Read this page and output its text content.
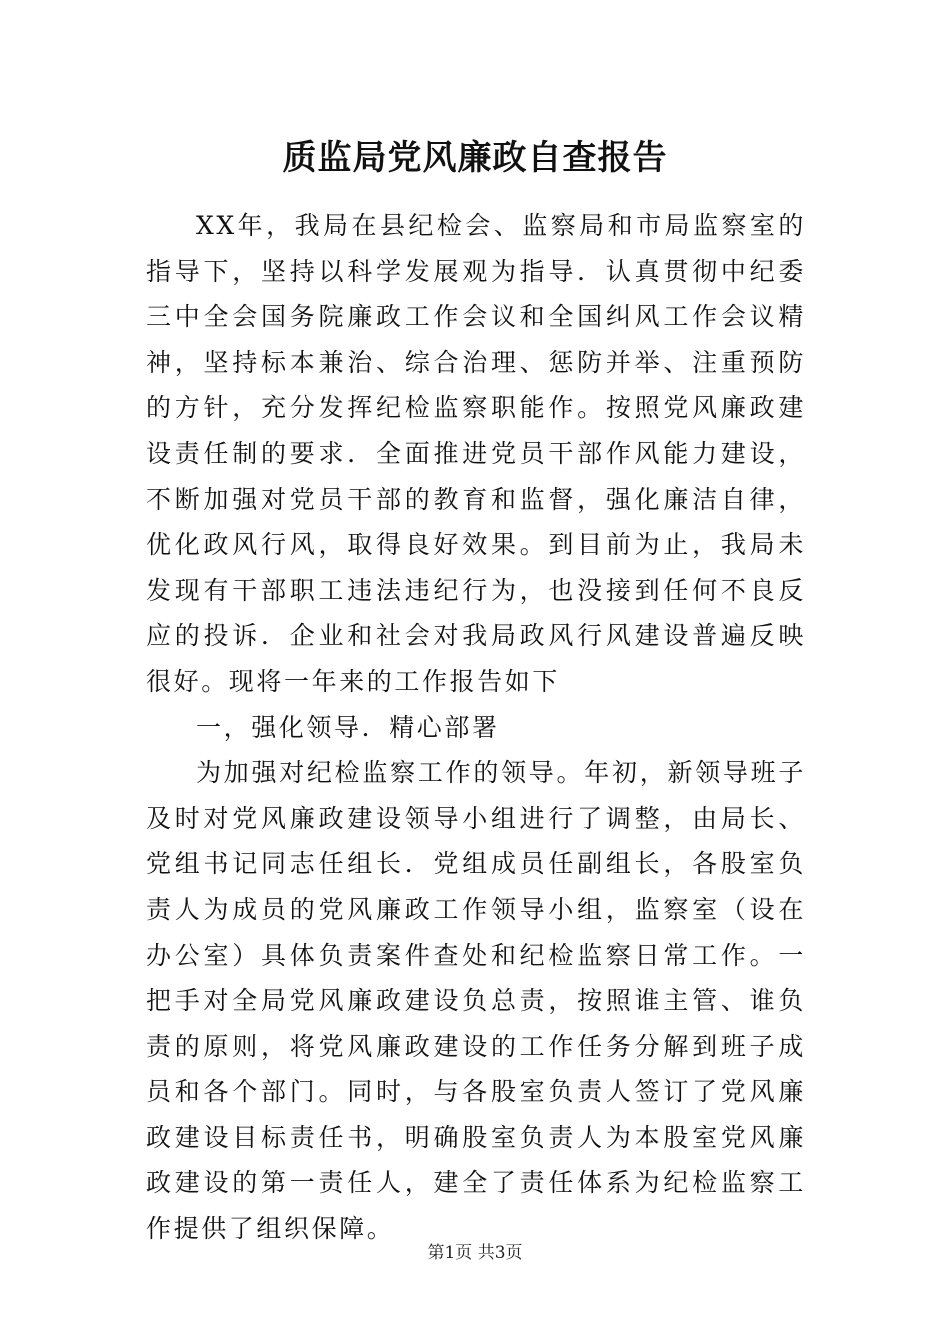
质监局党风廉政自查报告

XX年，我局在县纪检会、监察局和市局监察室的指导下，坚持以科学发展观为指导．认真贯彻中纪委三中全会国务院廉政工作会议和全国纠风工作会议精神，坚持标本兼治、综合治理、惩防并举、注重预防的方针，充分发挥纪检监察职能作。按照党风廉政建设责任制的要求．全面推进党员干部作风能力建设，不断加强对党员干部的教育和监督，强化廉洁自律，优化政风行风，取得良好效果。到目前为止，我局未发现有干部职工违法违纪行为，也没接到任何不良反应的投诉．企业和社会对我局政风行风建设普遍反映很好。现将一年来的工作报告如下

一，强化领导．精心部署

为加强对纪检监察工作的领导。年初，新领导班子及时对党风廉政建设领导小组进行了调整，由局长、党组书记同志任组长．党组成员任副组长，各股室负责人为成员的党风廉政工作领导小组，监察室（设在办公室）具体负责案件查处和纪检监察日常工作。一把手对全局党风廉政建设负总责，按照谁主管、谁负责的原则，将党风廉政建设的工作任务分解到班子成员和各个部门。同时，与各股室负责人签订了党风廉政建设目标责任书，明确股室负责人为本股室党风廉政建设的第一责任人，建全了责任体系为纪检监察工作提供了组织保障。

第1页 共3页
